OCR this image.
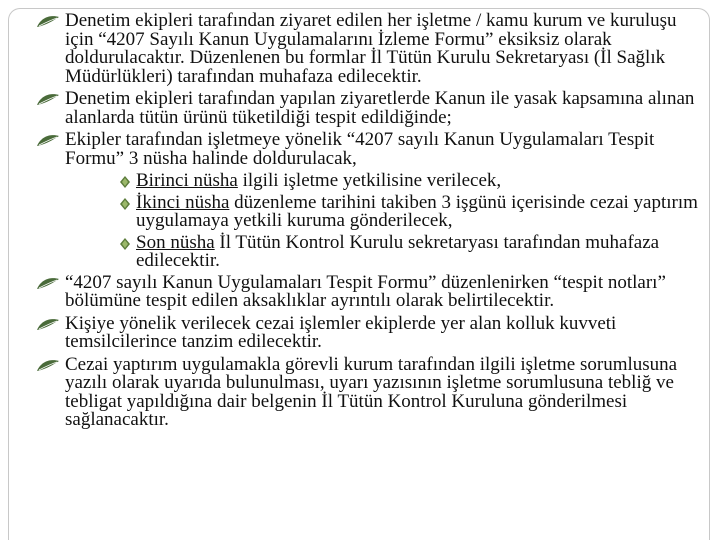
Denetim ekipleri tarafından ziyaret edilen her işletme / kamu kurum ve kuruluşu için “4207 Sayılı Kanun Uygulamalarını İzleme Formu” eksiksiz olarak doldurulacaktır. Düzenlenen bu formlar İl Tütün Kurulu Sekretaryası (İl Sağlık Müdürlükleri) tarafından muhafaza edilecektir.
Denetim ekipleri tarafından yapılan ziyaretlerde Kanun ile yasak kapsamına alınan alanlarda tütün ürünü tüketildiği tespit edildiğinde;
Ekipler tarafından işletmeye yönelik “4207 sayılı Kanun Uygulamaları Tespit Formu” 3 nüsha halinde doldurulacak,
Birinci nüsha ilgili işletme yetkilisine verilecek,
İkinci nüsha düzenleme tarihini takiben 3 işgünü içerisinde cezai yaptırım uygulamaya yetkili kuruma gönderilecek,
Son nüsha İl Tütün Kontrol Kurulu sekretaryası tarafından muhafaza edilecektir.
“4207 sayılı Kanun Uygulamaları Tespit Formu” düzenlenirken “tespit notları” bölümüne tespit edilen aksaklıklar ayrıntılı olarak belirtilecektir.
Kişiye yönelik verilecek cezai işlemler ekiplerde yer alan kolluk kuvveti temsilcilerince tanzim edilecektir.
Cezai yaptırım uygulamakla görevli kurum tarafından ilgili işletme sorumlusuna yazılı olarak uyarıda bulunulması, uyarı yazısının işletme sorumlusuna tebliğ ve tebligat yapıldığına dair belgenin İl Tütün Kontrol Kuruluna gönderilmesi sağlanacaktır.
